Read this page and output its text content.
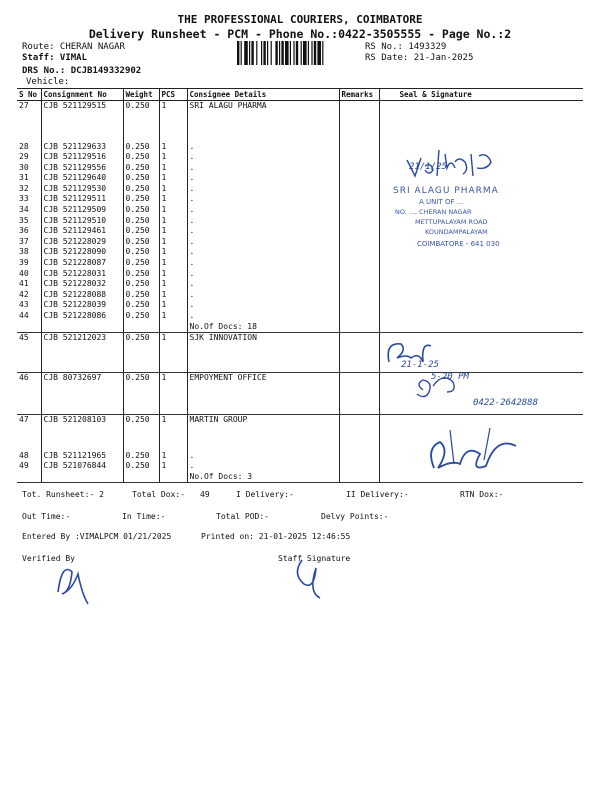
THE PROFESSIONAL COURIERS, COIMBATORE
Delivery Runsheet - PCM - Phone No.:0422-3505555 - Page No.:2
Route: CHERAN NAGAR
Staff: VIMAL
DRS No.: DCJB149332902
Vehicle:
RS No.: 1493329
RS Date: 21-Jan-2025
S No	Consignment No	Weight	PCS	Consignee Details	Remarks	Seal & Signature
27	CJB 521129515	0.250	1	SRI ALAGU PHARMA		
28	CJB 521129633	0.250	1	.		
29	CJB 521129516	0.250	1	.		
30	CJB 521129556	0.250	1	.		
31	CJB 521129640	0.250	1	.		
32	CJB 521129530	0.250	1	.		
33	CJB 521129511	0.250	1	.		
34	CJB 521129509	0.250	1	.		
35	CJB 521129510	0.250	1	.		
36	CJB 521129461	0.250	1	.		
37	CJB 521228029	0.250	1	.		
38	CJB 521228090	0.250	1	.		
39	CJB 521228087	0.250	1	.		
40	CJB 521228031	0.250	1	.		
41	CJB 521228032	0.250	1	.		
42	CJB 521228088	0.250	1	.		
43	CJB 521228039	0.250	1	.		
44	CJB 521228086	0.250	1	.		
				No.Of Docs: 18		
45	CJB 521212023	0.250	1	SJK INNOVATION		
46	CJB 80732697	0.250	1	EMPOYMENT OFFICE		
47	CJB 521208103	0.250	1	MARTIN GROUP		
48	CJB 521121965	0.250	1	.		
49	CJB 521076844	0.250	1	.		
				No.Of Docs: 3		
21/1/25
SRI ALAGU PHARMA
A UNIT OF ...
NO. ..., CHERAN NAGAR
METTUPALAYAM ROAD
KOUNDAMPALAYAM
COIMBATORE - 641 030
21-1-25
5-20 PM
0422-2642888
Tot. Runsheet:- 2	Total Dox:- 49	I Delivery:-	II Delivery:-	RTN Dox:-
Out Time:-	In Time:-	Total POD:-	Delvy Points:-
Entered By :VIMALPCM 01/21/2025	Printed on: 21-01-2025 12:46:55
Verified By	Staff Signature
